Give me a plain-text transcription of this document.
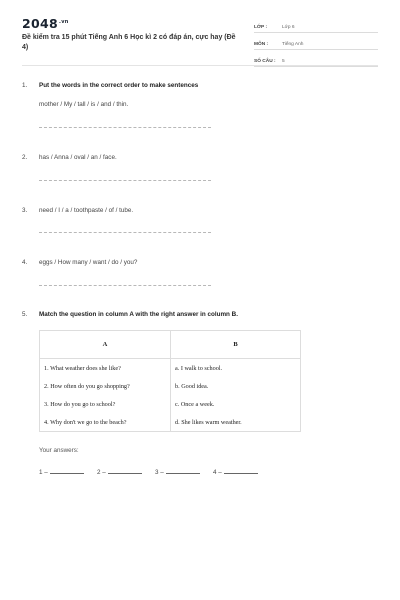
$2048^{.vn}$
Đề kiểm tra 15 phút Tiếng Anh 6 Học kì 2 có đáp án, cực hay (Đề 4)
LỚP :	Lớp 6
MÔN :	Tiếng Anh
SỐ CÂU :	5
1. Put the words in the correct order to make sentences
mother / My / tall / is / and / thin.
2. has / Anna / oval / an / face.
3. need / I / a / toothpaste / of / tube.
4. eggs / How many / want / do / you?
5. Match the question in column A with the right answer in column B.
A	B
1. What weather does she like?	a. I walk to school.
2. How often do you go shopping?	b. Good idea.
3. How do you go to school?	c. Once a week.
4. Why don't we go to the beach?	d. She likes warm weather.
Your answers:
1 –	2 –	3 –	4 –
